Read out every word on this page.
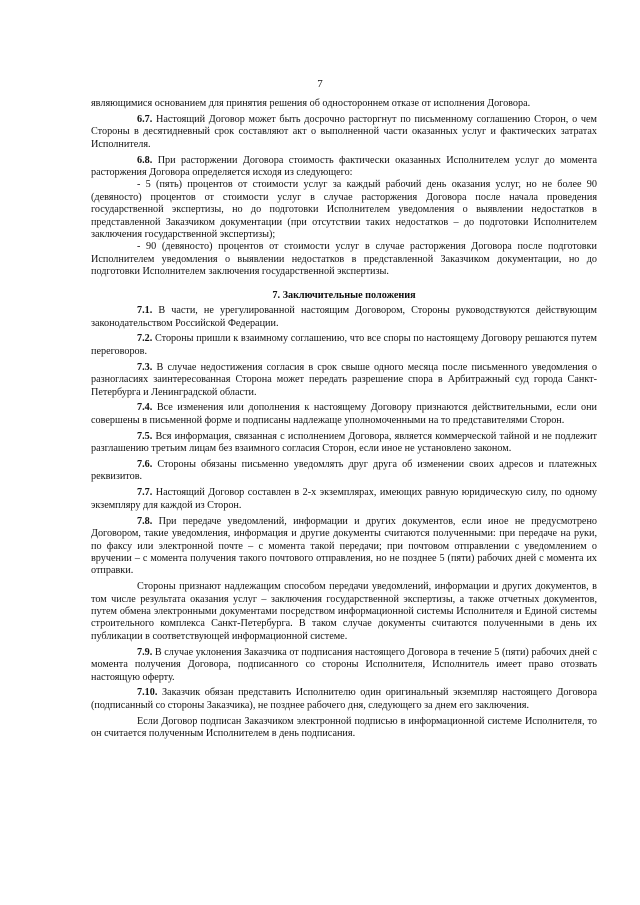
7

являющимися основанием для принятия решения об одностороннем отказе от исполнения Договора.

6.7. Настоящий Договор может быть досрочно расторгнут по письменному соглашению Сторон, о чем Стороны в десятидневный срок составляют акт о выполненной части оказанных услуг и фактических затратах Исполнителя.

6.8. При расторжении Договора стоимость фактически оказанных Исполнителем услуг до момента расторжения Договора определяется исходя из следующего:

- 5 (пять) процентов от стоимости услуг за каждый рабочий день оказания услуг, но не более 90 (девяносто) процентов от стоимости услуг в случае расторжения Договора после начала проведения государственной экспертизы, но до подготовки Исполнителем уведомления о выявлении недостатков в представленной Заказчиком документации (при отсутствии таких недостатков – до подготовки Исполнителем заключения государственной экспертизы);

- 90 (девяносто) процентов от стоимости услуг в случае расторжения Договора после подготовки Исполнителем уведомления о выявлении недостатков в представленной Заказчиком документации, но до подготовки Исполнителем заключения государственной экспертизы.

7. Заключительные положения

7.1. В части, не урегулированной настоящим Договором, Стороны руководствуются действующим законодательством Российской Федерации.

7.2. Стороны пришли к взаимному соглашению, что все споры по настоящему Договору решаются путем переговоров.

7.3. В случае недостижения согласия в срок свыше одного месяца после письменного уведомления о разногласиях заинтересованная Сторона может передать разрешение спора в Арбитражный суд города Санкт-Петербурга и Ленинградской области.

7.4. Все изменения или дополнения к настоящему Договору признаются действительными, если они совершены в письменной форме и подписаны надлежаще уполномоченными на то представителями Сторон.

7.5. Вся информация, связанная с исполнением Договора, является коммерческой тайной и не подлежит разглашению третьим лицам без взаимного согласия Сторон, если иное не установлено законом.

7.6. Стороны обязаны письменно уведомлять друг друга об изменении своих адресов и платежных реквизитов.

7.7. Настоящий Договор составлен в 2-х экземплярах, имеющих равную юридическую силу, по одному экземпляру для каждой из Сторон.

7.8. При передаче уведомлений, информации и других документов, если иное не предусмотрено Договором, такие уведомления, информация и другие документы считаются полученными: при передаче на руки, по факсу или электронной почте – с момента такой передачи; при почтовом отправлении с уведомлением о вручении – с момента получения такого почтового отправления, но не позднее 5 (пяти) рабочих дней с момента их отправки.

Стороны признают надлежащим способом передачи уведомлений, информации и других документов, в том числе результата оказания услуг – заключения государственной экспертизы, а также отчетных документов, путем обмена электронными документами посредством информационной системы Исполнителя и Единой системы строительного комплекса Санкт-Петербурга. В таком случае документы считаются полученными в день их публикации в соответствующей информационной системе.

7.9. В случае уклонения Заказчика от подписания настоящего Договора в течение 5 (пяти) рабочих дней с момента получения Договора, подписанного со стороны Исполнителя, Исполнитель имеет право отозвать настоящую оферту.

7.10. Заказчик обязан представить Исполнителю один оригинальный экземпляр настоящего Договора (подписанный со стороны Заказчика), не позднее рабочего дня, следующего за днем его заключения.

Если Договор подписан Заказчиком электронной подписью в информационной системе Исполнителя, то он считается полученным Исполнителем в день подписания.
